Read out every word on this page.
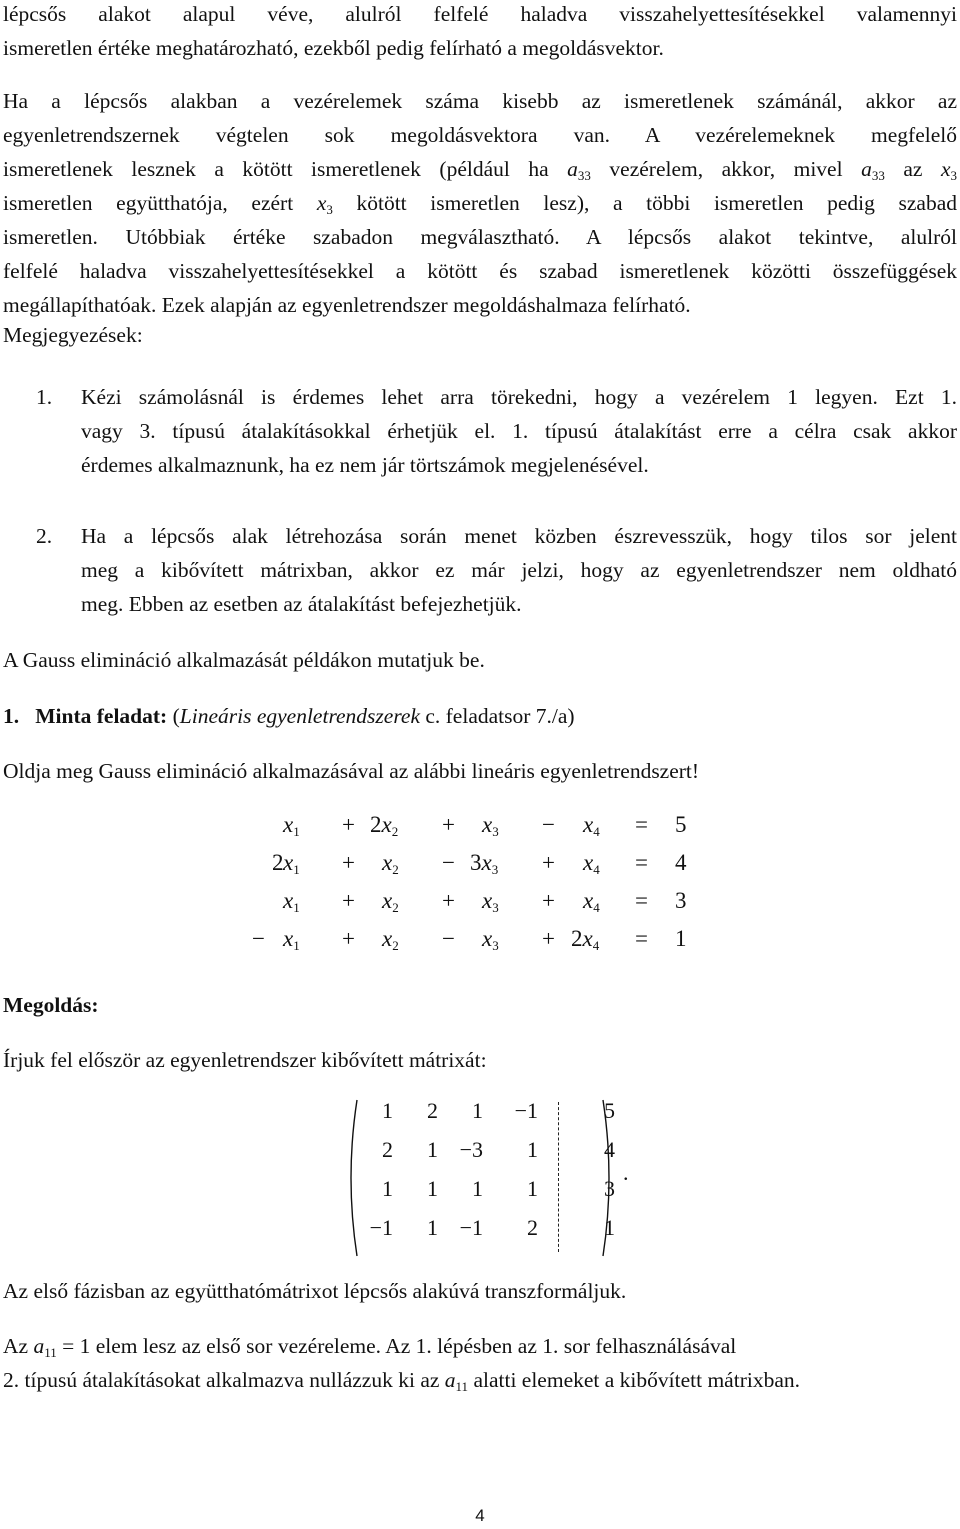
lépcsős alakot alapul véve, alulról felfelé haladva visszahelyettesítésekkel valamennyi
ismeretlen értéke meghatározható, ezekből pedig felírható a megoldásvektor.
Ha a lépcsős alakban a vezérelemek száma kisebb az ismeretlenek számánál, akkor az
egyenletrendszernek végtelen sok megoldásvektora van. A vezérelemeknek megfelelő
ismeretlenek lesznek a kötött ismeretlenek (például ha $a_{33}$ vezérelem, akkor, mivel $a_{33}$ az $x_3$
ismeretlen együtthatója, ezért $x_3$ kötött ismeretlen lesz), a többi ismeretlen pedig szabad
ismeretlen. Utóbbiak értéke szabadon megválasztható. A lépcsős alakot tekintve, alulról
felfelé haladva visszahelyettesítésekkel a kötött és szabad ismeretlenek közötti összefüggések
megállapíthatóak. Ezek alapján az egyenletrendszer megoldáshalmaza felírható.
Megjegyezések:
1. Kézi számolásnál is érdemes lehet arra törekedni, hogy a vezérelem 1 legyen. Ezt 1.
vagy 3. típusú átalakításokkal érhetjük el. 1. típusú átalakítást erre a célra csak akkor
érdemes alkalmaznunk, ha ez nem jár törtszámok megjelenésével.
2. Ha a lépcsős alak létrehozása során menet közben észrevesszük, hogy tilos sor jelent
meg a kibővített mátrixban, akkor ez már jelzi, hogy az egyenletrendszer nem oldható
meg. Ebben az esetben az átalakítást befejezhetjük.
A Gauss elimináció alkalmazását példákon mutatjuk be.
1. Minta feladat: (Lineáris egyenletrendszerek c. feladatsor 7./a)
Oldja meg Gauss elimináció alkalmazásával az alábbi lineáris egyenletrendszert!
$x_1 + 2x_2 + x_3 - x_4 = 5$
2 $x_1 + x_2 - 3x_3 + x_4 = 4$
$x_1 + x_2 + x_3 + x_4 = 3$
− $x_1 + x_2 - x_3 + 2x_4 = 1$
Megoldás:
Írjuk fel először az egyenletrendszer kibővített mátrixát:
1	2	1	−1	5
2	1 −3	1	4
1	1	1	1	3
−1	1 −1	2	1
.
Az első fázisban az együtthatómátrixot lépcsős alakúvá transzformáljuk.
Az $a_{11} = 1$ elem lesz az első sor vezéreleme. Az 1. lépésben az 1. sor felhasználásával
2. típusú átalakításokat alkalmazva nullázzuk ki az $a_{11}$ alatti elemeket a kibővített mátrixban.
4
